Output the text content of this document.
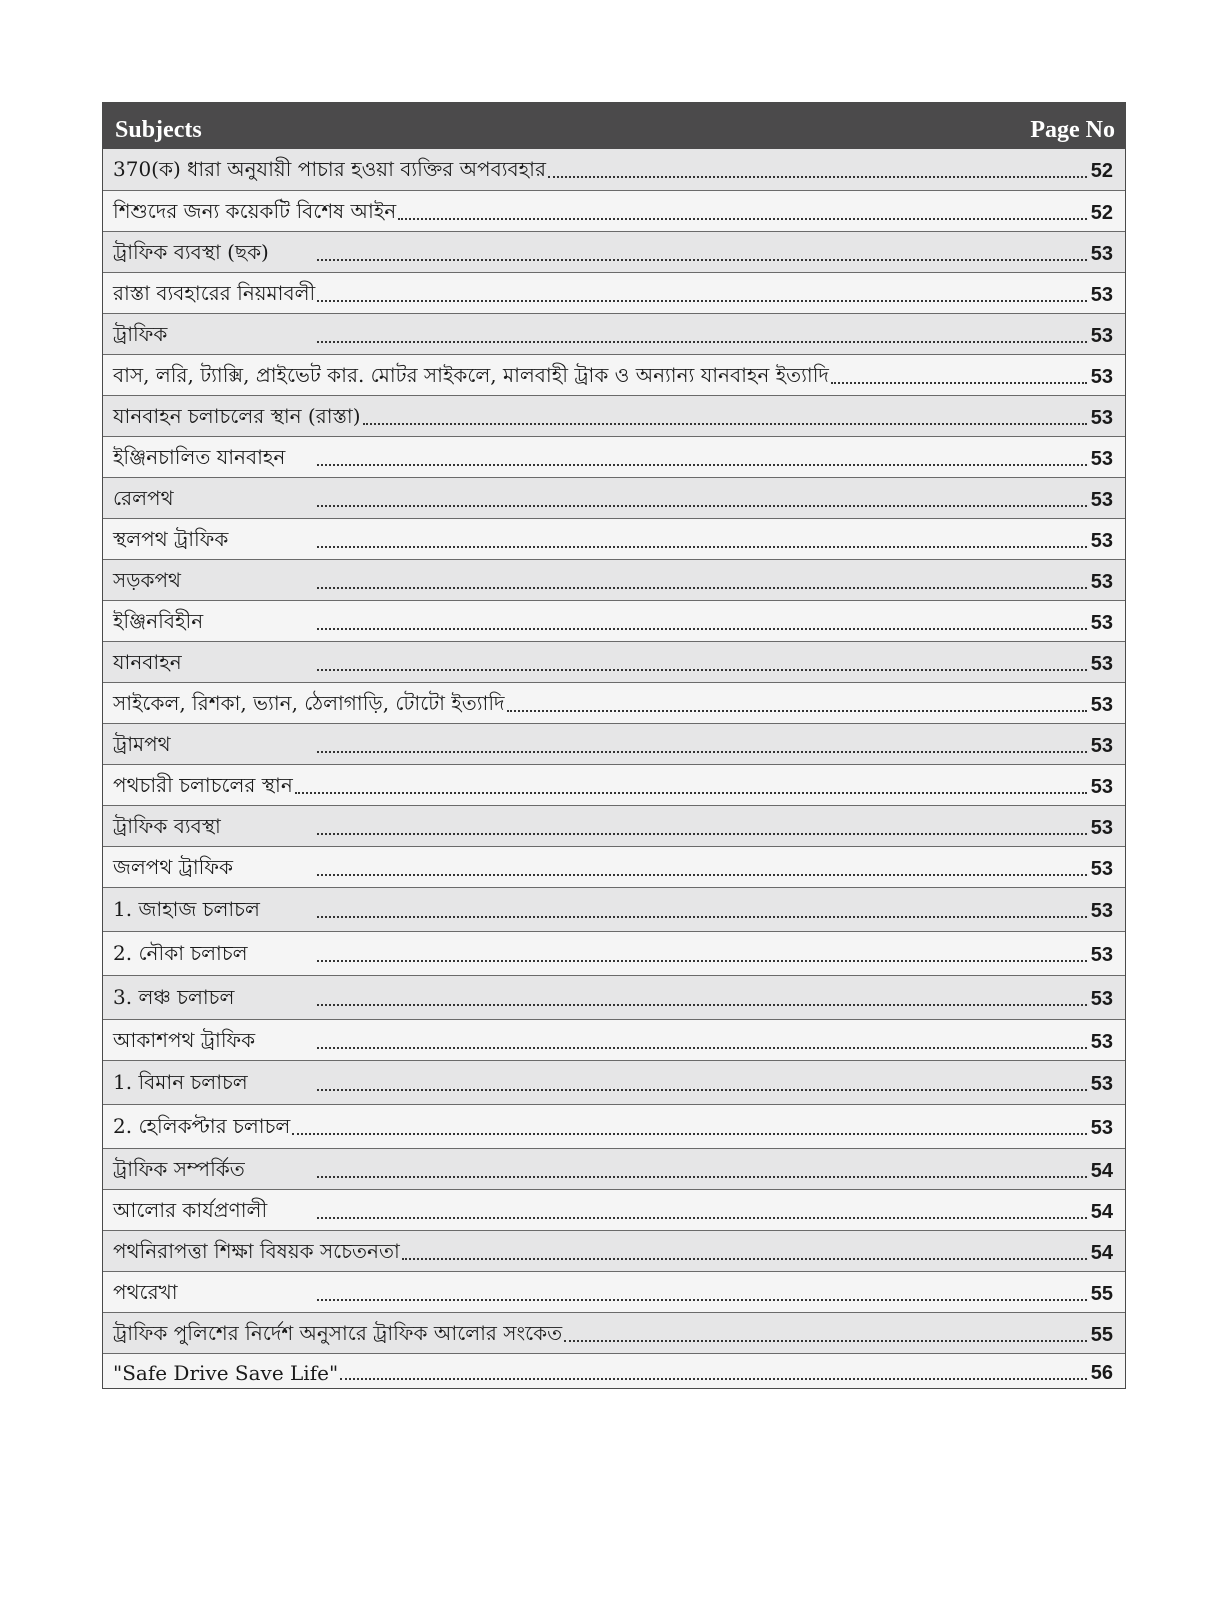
Subjects	Page No
370(ক) ধারা অনুযায়ী পাচার হওয়া ব্যক্তির অপব্যবহার	52
শিশুদের জন্য কয়েকটি বিশেষ আইন	52
ট্রাফিক ব্যবস্থা (ছক)	53
রাস্তা ব্যবহারের নিয়মাবলী	53
ট্রাফিক	53
বাস, লরি, ট্যাক্সি, প্রাইভেট কার. মোটর সাইকলে, মালবাহী ট্রাক ও অন্যান্য যানবাহন ইত্যাদি	53
যানবাহন চলাচলের স্থান (রাস্তা)	53
ইঞ্জিনচালিত যানবাহন	53
রেলপথ	53
স্থলপথ ট্রাফিক	53
সড়কপথ	53
ইঞ্জিনবিহীন	53
যানবাহন	53
সাইকেল, রিশকা, ভ্যান, ঠেলাগাড়ি, টোটো ইত্যাদি	53
ট্রামপথ	53
পথচারী চলাচলের স্থান	53
ট্রাফিক ব্যবস্থা	53
জলপথ ট্রাফিক	53
1. জাহাজ চলাচল	53
2. নৌকা চলাচল	53
3. লঞ্চ চলাচল	53
আকাশপথ ট্রাফিক	53
1. বিমান চলাচল	53
2. হেলিকপ্টার চলাচল	53
ট্রাফিক সম্পর্কিত	54
আলোর কার্যপ্রণালী	54
পথনিরাপত্তা শিক্ষা বিষয়ক সচেতনতা	54
পথরেখা	55
ট্রাফিক পুলিশের নির্দেশ অনুসারে ট্রাফিক আলোর সংকেত	55
"Safe Drive Save Life"	56
